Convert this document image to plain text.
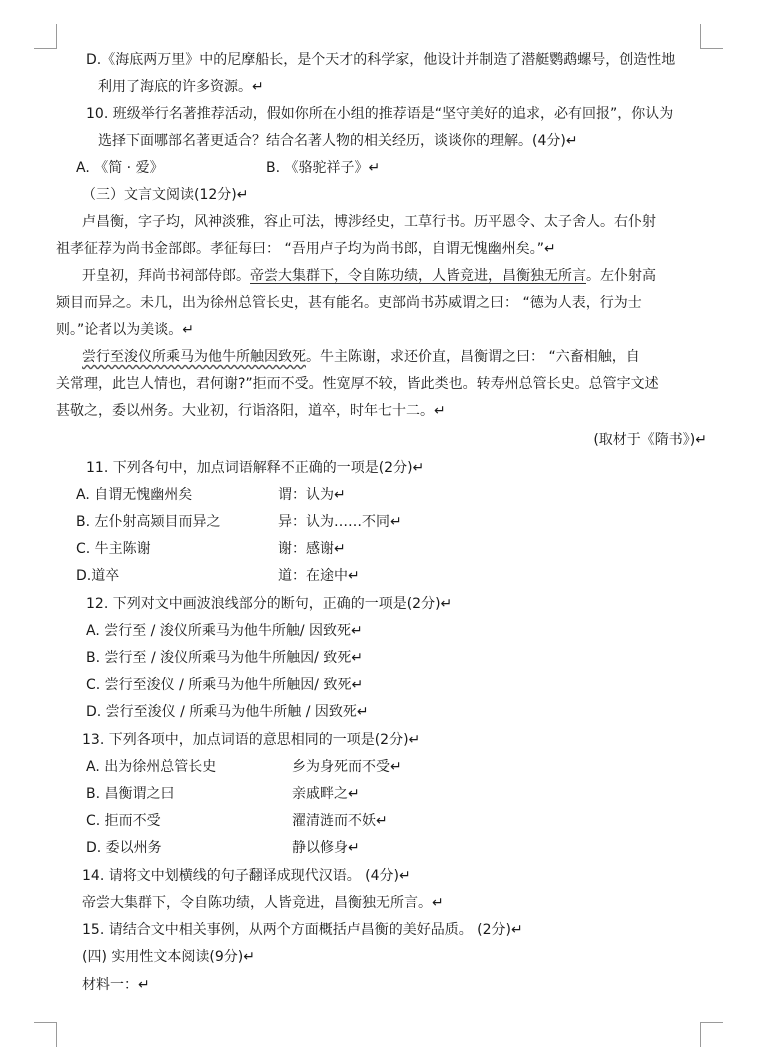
D.《海底两万里》中的尼摩船长，是个天才的科学家，他设计并制造了潜艇鹦鹉螺号，创造性地
利用了海底的许多资源。↵
10. 班级举行名著推荐活动，假如你所在小组的推荐语是“坚守美好的追求，必有回报”，你认为
选择下面哪部名著更适合？结合名著人物的相关经历，谈谈你的理解。(4分)↵
A. 《简 · 爱》	B. 《骆驼祥子》↵
（三）文言文阅读(12分)↵
卢昌衡，字子均，风神淡雅，容止可法，博涉经史，工草行书。历平恩令、太子舍人。右仆射
祖孝征荐为尚书金部郎。孝征每曰： “吾用卢子均为尚书郎，自谓无愧幽州矣。”↵
开皇初，拜尚书祠部侍郎。帝尝大集群下，令自陈功绩，人皆竞进，昌衡独无所言。左仆射高
颎目而异之。未几，出为徐州总管长史，甚有能名。吏部尚书苏威谓之曰： “德为人表，行为士
则。”论者以为美谈。↵
尝行至浚仪所乘马为他牛所触因致死。牛主陈谢，求还价直，昌衡谓之曰： “六畜相触，自
关常理，此岂人情也，君何谢?”拒而不受。性宽厚不较，皆此类也。转寿州总管长史。总管宇文述
甚敬之，委以州务。大业初，行诣洛阳，道卒，时年七十二。↵
(取材于《隋书》)↵
11. 下列各句中，加点词语解释不正确的一项是(2分)↵
A. 自谓无愧幽州矣	谓：认为↵
B. 左仆射高颎目而异之	异：认为……不同↵
C. 牛主陈谢	谢：感谢↵
D.道卒	道：在途中↵
12. 下列对文中画波浪线部分的断句，正确的一项是(2分)↵
A. 尝行至 / 浚仪所乘马为他牛所触/ 因致死↵
B. 尝行至 / 浚仪所乘马为他牛所触因/ 致死↵
C. 尝行至浚仪 / 所乘马为他牛所触因/ 致死↵
D. 尝行至浚仪 / 所乘马为他牛所触 / 因致死↵
13. 下列各项中，加点词语的意思相同的一项是(2分)↵
A. 出为徐州总管长史	乡为身死而不受↵
B. 昌衡谓之曰	亲戚畔之↵
C. 拒而不受	濯清涟而不妖↵
D. 委以州务	静以修身↵
14. 请将文中划横线的句子翻译成现代汉语。 (4分)↵
帝尝大集群下，令自陈功绩，人皆竞进，昌衡独无所言。↵
15. 请结合文中相关事例，从两个方面概括卢昌衡的美好品质。 (2分)↵
(四) 实用性文本阅读(9分)↵
材料一：↵
